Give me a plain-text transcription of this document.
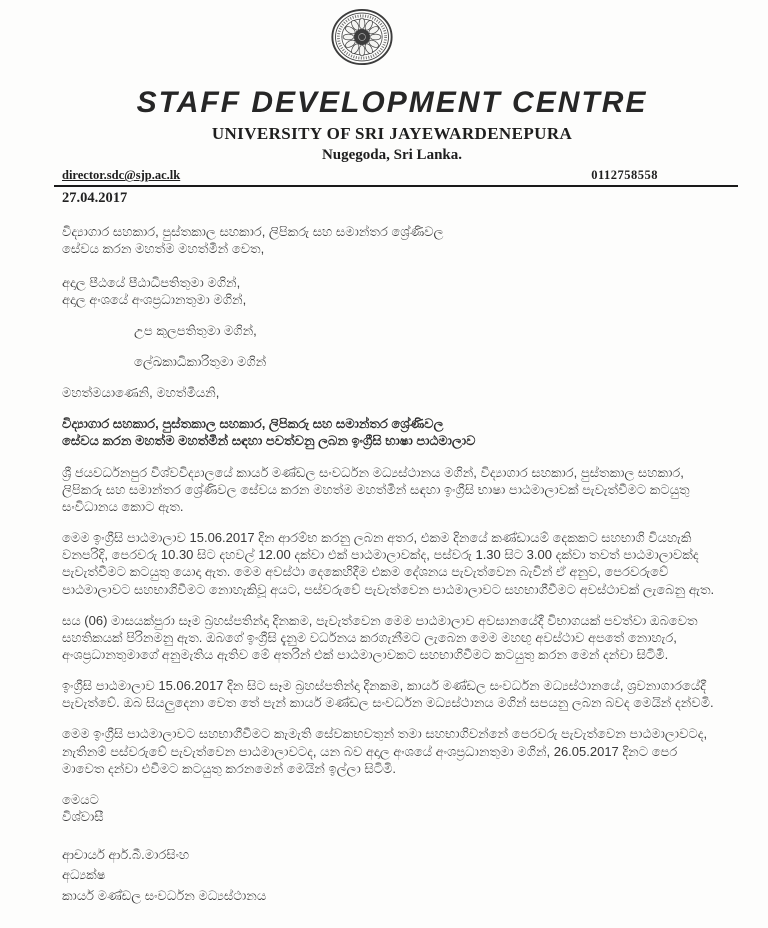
STAFF DEVELOPMENT CENTRE
UNIVERSITY OF SRI JAYEWARDENEPURA
Nugegoda, Sri Lanka.
director.sdc@sjp.ac.lk	0112758558
27.04.2017
විද්‍යාගාර සහකාර, පුස්තකාල සහකාර, ලිපිකරු සහ සමාන්තර ශ්‍රේණිවල
සේවය කරන මහත්ම මහත්මීන් වෙත,
අදාල පීඨයේ පීඨාධිපතිතුමා මගින්,
අදාල අංශයේ අංශප්‍රධානතුමා මගින්,
උප කුලපතිතුමා මගින්,
ලේඛකාධිකාරිතුමා මගින්
මහත්මයාණෙනි, මහත්මීයනි,
විද්‍යාගාර සහකාර, පුස්තකාල සහකාර, ලිපිකරු සහ සමාන්තර ශ්‍රේණිවල
සේවය කරන මහත්ම මහත්මීන් සඳහා පවත්වනු ලබන ඉංග්‍රීසි භාෂා පාඨමාලාව
ශ්‍රී ජයවර්ධනපුර විශ්වවිද්‍යාලයේ කාර්ය මණ්ඩල සංවර්ධන මධ්‍යස්ථානය මගින්, විද්‍යාගාර සහකාර, පුස්තකාල සහකාර, ලිපිකරු සහ සමාන්තර ශ්‍රේණිවල සේවය කරන මහත්ම මහත්මීන් සඳහා ඉංග්‍රීසි භාෂා පාඨමාලාවක් පැවැත්වීමට කටයුතු සංවිධානය කොට ඇත.
මෙම ඉංග්‍රීසි පාඨමාලාව 15.06.2017 දින ආරම්භ කරනු ලබන අතර, එකම දිනයේ කණ්ඩායම් දෙකකට සහභාගි වියහැකි වනපරිදි, පෙරවරු 10.30 සිට දහවල් 12.00 දක්වා එක් පාඨමාලාවක්ද, පස්වරු 1.30 සිට 3.00 දක්වා තවත් පාඨමාලාවක්ද පැවැත්වීමට කටයුතු යොදා ඇත. මෙම අවස්ථා දෙකෙහිදීම එකම දේශනය පැවැත්වෙන බැවින් ඒ අනුව, පෙරවරුවේ පාඨමාලාවට සහභාගිවීමට නොහැකිවූ අයට, පස්වරුවේ පැවැත්වෙන පාඨමාලාවට සහභාගීවීමට අවස්ථාවක් ලැබෙනු ඇත.
සය (06) මාසයක්පුරා සෑම බ්‍රහස්පතින්දා දිනකම, පැවැත්වෙන මෙම පාඨමාලාව අවසානයේදී විභාගයක් පවත්වා ඔබවෙත සහතිකයක් පිරිනමනු ඇත. ඔබගේ ඉංග්‍රීසි දැනුම වර්ධනය කරගැනීමට ලැබෙන මෙම මහඟු අවස්ථාව අපතේ නොහැර, අංශප්‍රධානතුමාගේ අනුමැතිය ඇතිව මේ අතරින් එක් පාඨමාලාවකට සහභාගිවීමට කටයුතු කරන මෙන් දන්වා සිටිමි.
ඉංග්‍රීසි පාඨමාලාව 15.06.2017 දින සිට සෑම බ්‍රහස්පතින්දා දිනකම, කාර්ය මණ්ඩල සංවර්ධන මධ්‍යස්ථානයේ, ශ්‍රවනාගාරයේදී පැවැත්වේ. ඔබ සියලුදෙනා වෙත තේ පැන් කාර්ය මණ්ඩල සංවර්ධන මධ්‍යස්ථානය මගින් සපයනු ලබන බවද මෙයින් දන්වමි.
මෙම ඉංග්‍රීසි පාඨමාලාවට සහභාගීවීමට කැමැති සේවකභවතුන් තමා සහභාගිවන්නේ පෙරවරු පැවැත්වෙන පාඨමාලාවටද, නැතිනම් පස්වරුවේ පැවැත්වෙන පාඨමාලාවටද, යන බව අදාල අංශයේ අංශප්‍රධානතුමා මගින්, 26.05.2017 දිනට පෙර මාවෙත දන්වා එවීමට කටයුතු කරනමෙන් මෙයින් ඉල්ලා සිටිමි.
මෙයට
විශ්වාසී
ආචාර්ය ආර්.බී.මාරසිංහ
අධ්‍යක්ෂ
කාර්ය මණ්ඩල සංවර්ධන මධ්‍යස්ථානය
